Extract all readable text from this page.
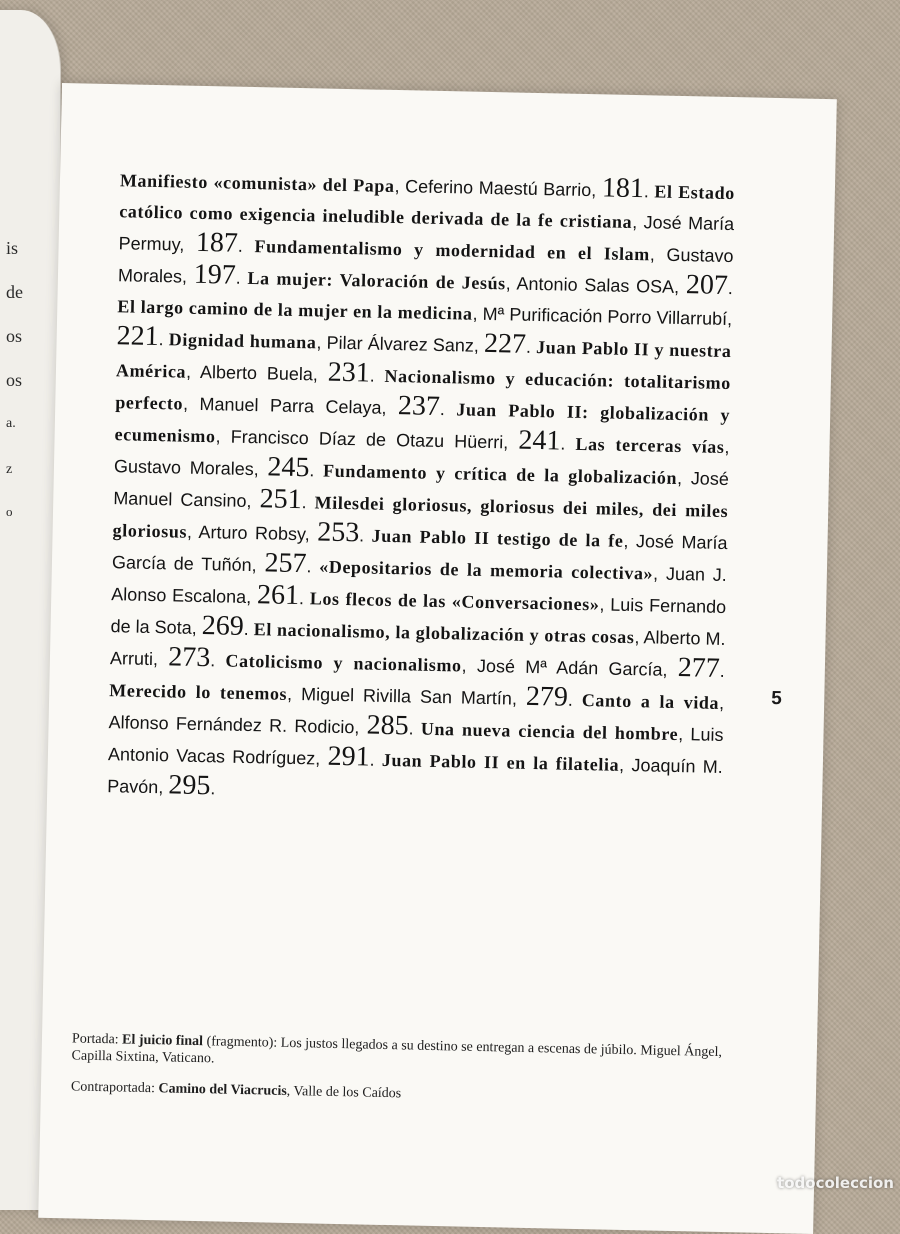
is
de
os
os
a.
z
o
Manifiesto «comunista» del Papa, Ceferino Maestú Barrio, 181. El Estado católico como exigencia ineludible derivada de la fe cristiana, José María Permuy, 187. Fundamentalismo y modernidad en el Islam, Gustavo Morales, 197. La mujer: Valoración de Jesús, Antonio Salas OSA, 207. El largo camino de la mujer en la medicina, Mª Purificación Porro Villarrubí, 221. Dignidad humana, Pilar Álvarez Sanz, 227. Juan Pablo II y nuestra América, Alberto Buela, 231. Nacionalismo y educación: totalitarismo perfecto, Manuel Parra Celaya, 237. Juan Pablo II: globalización y ecumenismo, Francisco Díaz de Otazu Hüerri, 241. Las terceras vías, Gustavo Morales, 245. Fundamento y crítica de la globalización, José Manuel Cansino, 251. Milesdei gloriosus, gloriosus dei miles, dei miles gloriosus, Arturo Robsy, 253. Juan Pablo II testigo de la fe, José María García de Tuñón, 257. «Depositarios de la memoria colectiva», Juan J. Alonso Escalona, 261. Los flecos de las «Conversaciones», Luis Fernando de la Sota, 269. El nacionalismo, la globalización y otras cosas, Alberto M. Arruti, 273. Catolicismo y nacionalismo, José Mª Adán García, 277. Merecido lo tenemos, Miguel Rivilla San Martín, 279. Canto a la vida, Alfonso Fernández R. Rodicio, 285. Una nueva ciencia del hombre, Luis Antonio Vacas Rodríguez, 291. Juan Pablo II en la filatelia, Joaquín M. Pavón, 295.
5

Portada: El juicio final (fragmento): Los justos llegados a su destino se entregan a escenas de júbilo. Miguel Ángel, Capilla Sixtina, Vaticano.

Contraportada: Camino del Viacrucis, Valle de los Caídos

todocoleccion
